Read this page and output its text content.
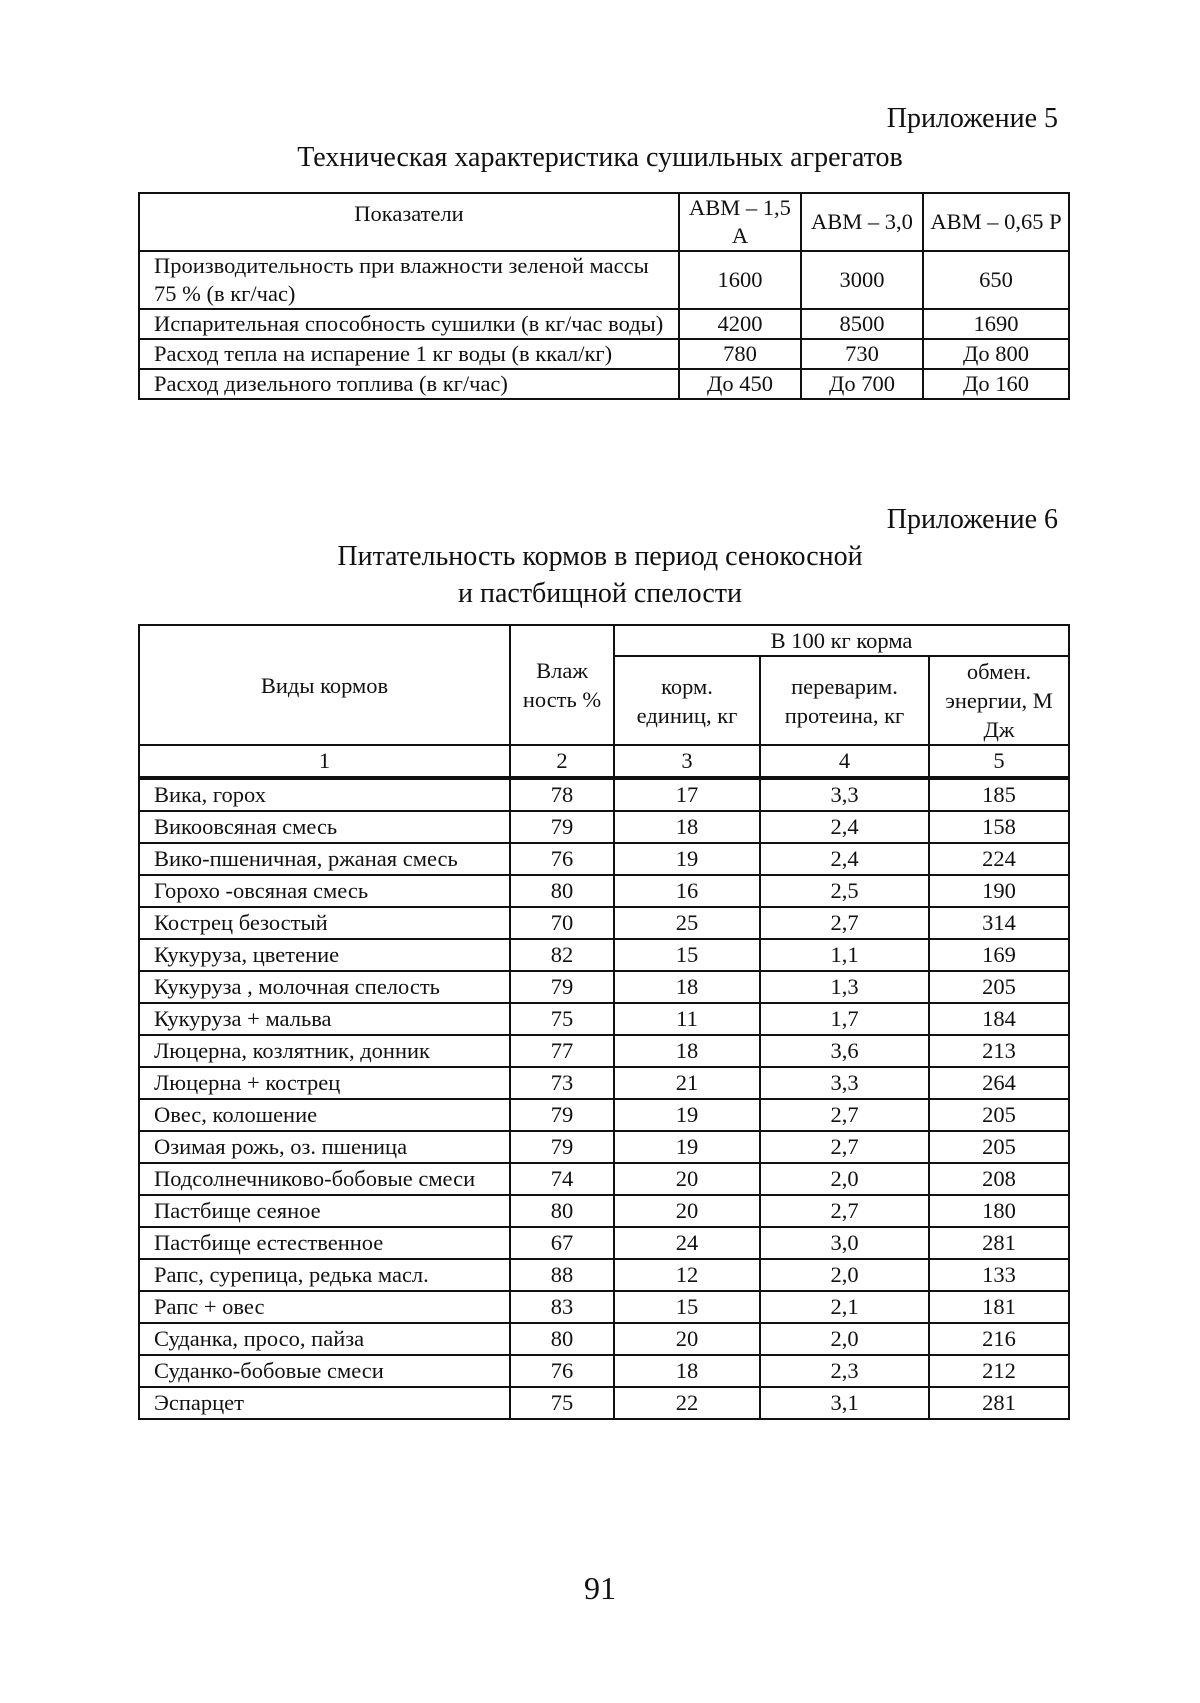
Приложение 5
Техническая характеристика сушильных агрегатов
Показатели	АВМ – 1,5 А	АВМ – 3,0	АВМ – 0,65 Р
Производительность при влажности зеленой массы 75 % (в кг/час)	1600	3000	650
Испарительная способность сушилки (в кг/час воды)	4200	8500	1690
Расход тепла на испарение 1 кг воды (в ккал/кг)	780	730	До 800
Расход дизельного топлива (в кг/час)	До 450	До 700	До 160
Виды кормов	Влаж ность %	В 100 кг корма		
		корм. единиц, кг	переварим. протеина, кг	обмен. энергии, М Дж
1	2	3	4	5

Вика, горох	78	17	3,3	185
Викоовсяная смесь	79	18	2,4	158
Вико-пшеничная, ржаная смесь	76	19	2,4	224
Горохо -овсяная смесь	80	16	2,5	190
Кострец безостый	70	25	2,7	314
Кукуруза, цветение	82	15	1,1	169
Кукуруза , молочная спелость	79	18	1,3	205
Кукуруза + мальва	75	11	1,7	184
Люцерна, козлятник, донник	77	18	3,6	213
Люцерна + кострец	73	21	3,3	264
Овес, колошение	79	19	2,7	205
Озимая рожь, оз. пшеница	79	19	2,7	205
Подсолнечниково-бобовые смеси	74	20	2,0	208
Пастбище сеяное	80	20	2,7	180
Пастбище естественное	67	24	3,0	281
Рапс, сурепица, редька масл.	88	12	2,0	133
Рапс + овес	83	15	2,1	181
Суданка, просо, пайза	80	20	2,0	216
Суданко-бобовые смеси	76	18	2,3	212
Эспарцет	75	22	3,1	281
Приложение 6
Питательность кормов в период сенокосной
и пастбищной спелости
91
